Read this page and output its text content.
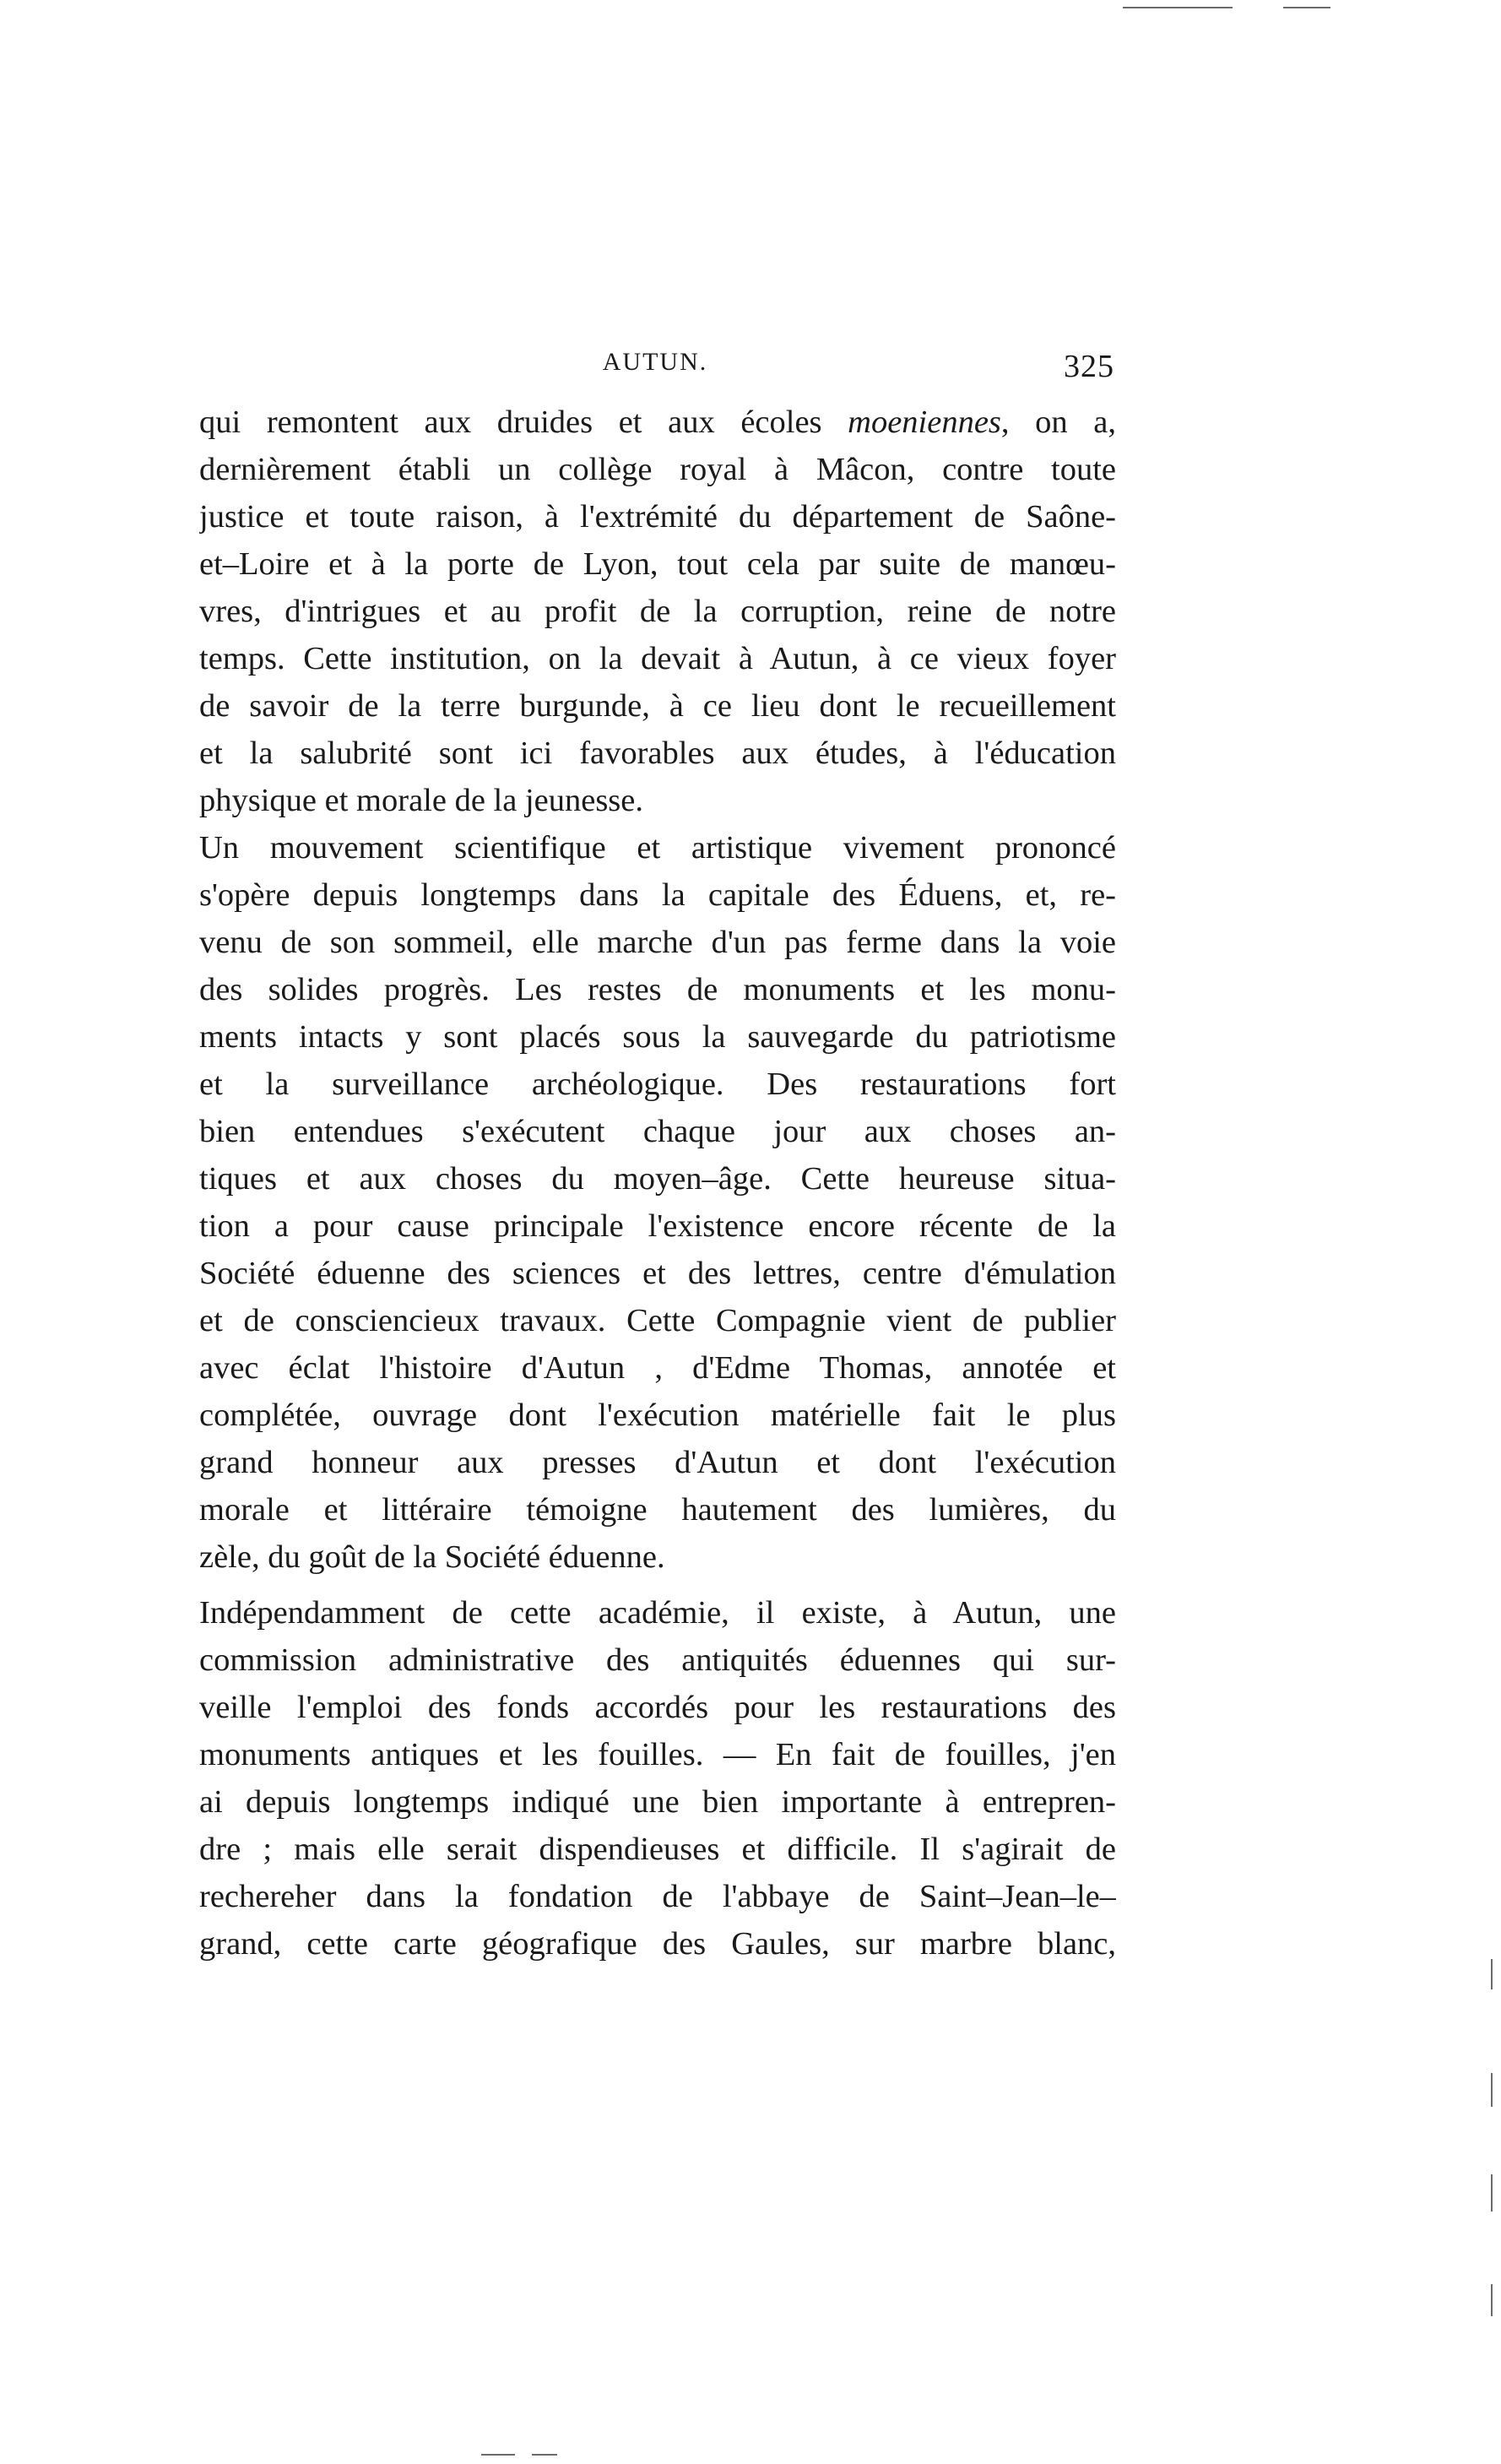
AUTUN.	325
qui remontent aux druides et aux écoles moeniennes, on a,
dernièrement établi un collège royal à Mâcon, contre toute
justice et toute raison, à l'extrémité du département de Saône-
et–Loire et à la porte de Lyon, tout cela par suite de manœu-
vres, d'intrigues et au profit de la corruption, reine de notre
temps. Cette institution, on la devait à Autun, à ce vieux foyer
de savoir de la terre burgunde, à ce lieu dont le recueillement
et la salubrité sont ici favorables aux études, à l'éducation
physique et morale de la jeunesse.
Un mouvement scientifique et artistique vivement prononcé
s'opère depuis longtemps dans la capitale des Éduens, et, re-
venu de son sommeil, elle marche d'un pas ferme dans la voie
des solides progrès. Les restes de monuments et les monu-
ments intacts y sont placés sous la sauvegarde du patriotisme
et la surveillance archéologique. Des restaurations fort
bien entendues s'exécutent chaque jour aux choses an-
tiques et aux choses du moyen–âge. Cette heureuse situa-
tion a pour cause principale l'existence encore récente de la
Société éduenne des sciences et des lettres, centre d'émulation
et de consciencieux travaux. Cette Compagnie vient de publier
avec éclat l'histoire d'Autun , d'Edme Thomas, annotée et
complétée, ouvrage dont l'exécution matérielle fait le plus
grand honneur aux presses d'Autun et dont l'exécution
morale et littéraire témoigne hautement des lumières, du
zèle, du goût de la Société éduenne.
Indépendamment de cette académie, il existe, à Autun, une
commission administrative des antiquités éduennes qui sur-
veille l'emploi des fonds accordés pour les restaurations des
monuments antiques et les fouilles. — En fait de fouilles, j'en
ai depuis longtemps indiqué une bien importante à entrepren-
dre ; mais elle serait dispendieuses et difficile. Il s'agirait de
rechereher dans la fondation de l'abbaye de Saint–Jean–le–
grand, cette carte géografique des Gaules, sur marbre blanc,
